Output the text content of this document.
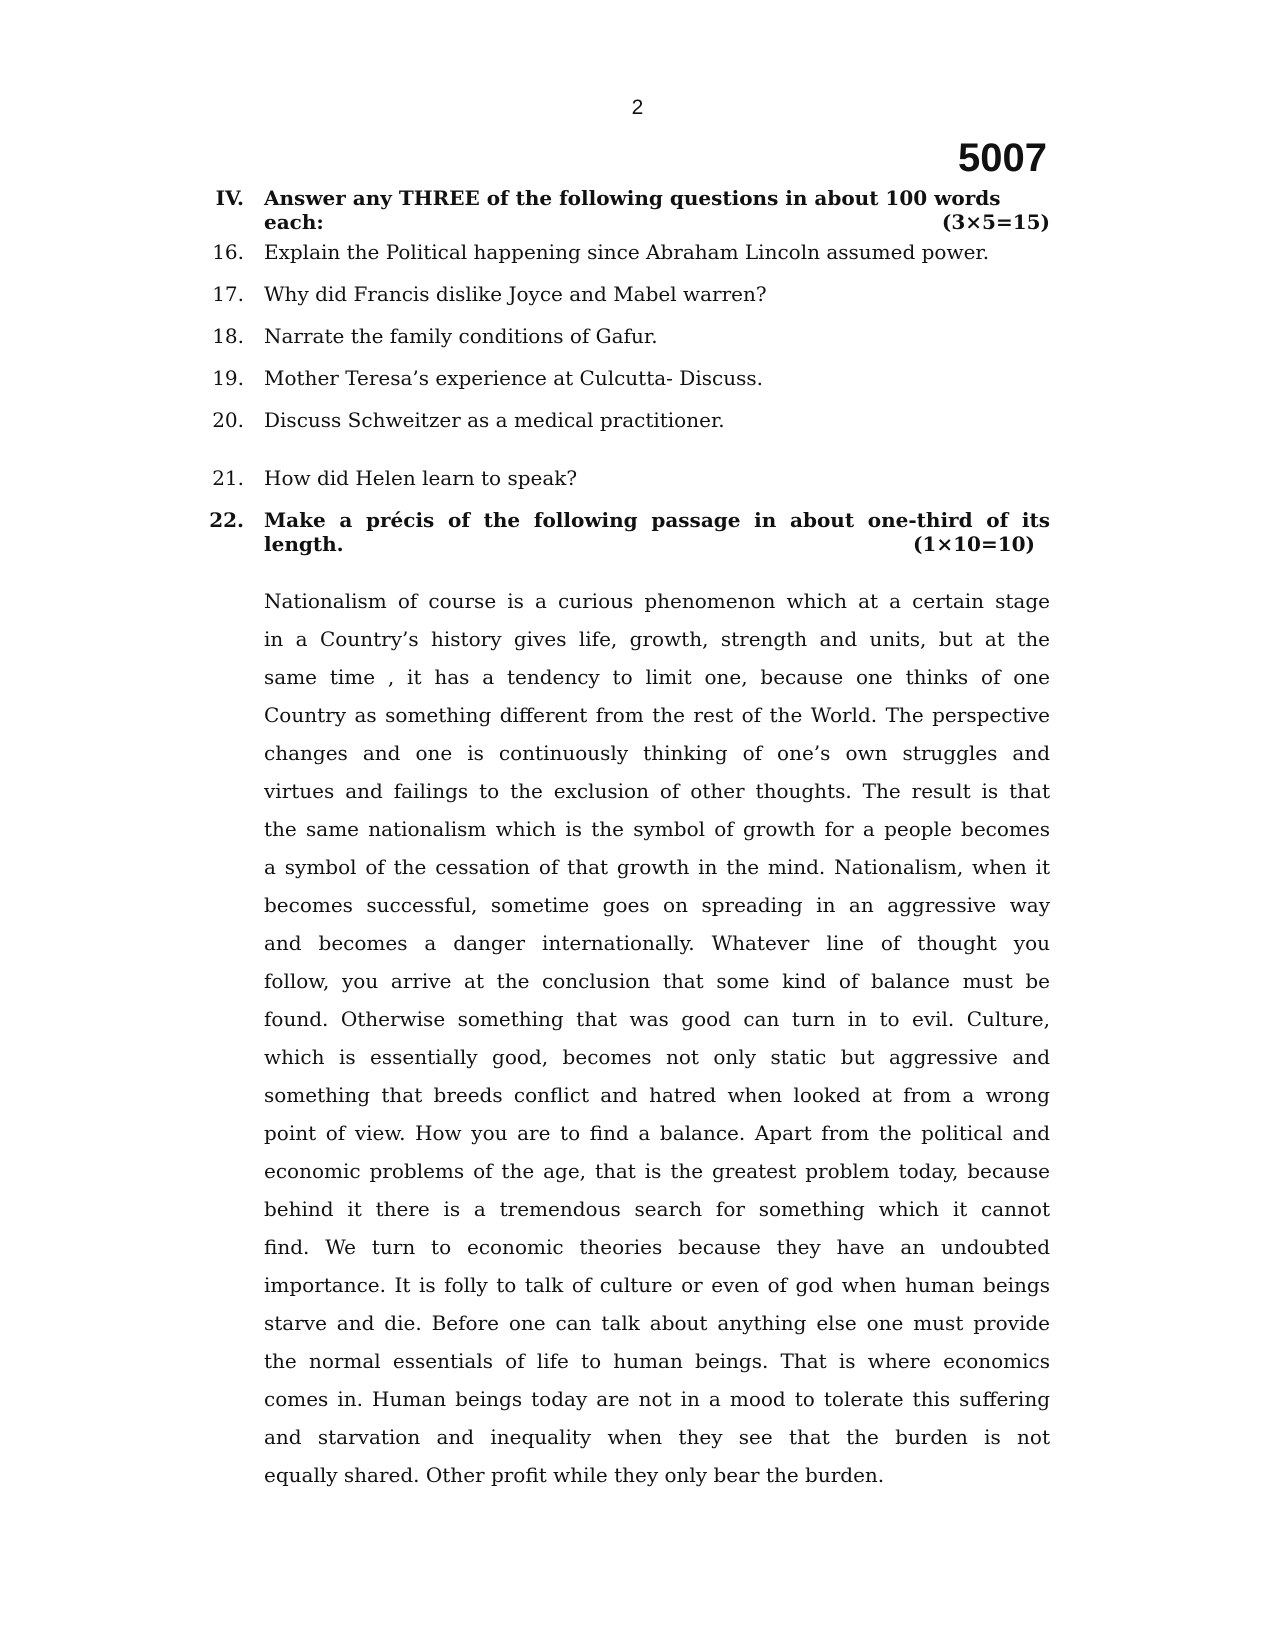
2
5007
IV. Answer any THREE of the following questions in about 100 words
each:	(3×5=15)
16. Explain the Political happening since Abraham Lincoln assumed power.
17. Why did Francis dislike Joyce and Mabel warren?
18. Narrate the family conditions of Gafur.
19. Mother Teresa’s experience at Culcutta- Discuss.
20. Discuss Schweitzer as a medical practitioner.
21. How did Helen learn to speak?
22. Make a précis of the following passage in about one-third of its
length.	(1×10=10)
Nationalism of course is a curious phenomenon which at a certain stage
in a Country’s history gives life, growth, strength and units, but at the
same time , it has a tendency to limit one, because one thinks of one
Country as something different from the rest of the World. The perspective
changes and one is continuously thinking of one’s own struggles and
virtues and failings to the exclusion of other thoughts. The result is that
the same nationalism which is the symbol of growth for a people becomes
a symbol of the cessation of that growth in the mind. Nationalism, when it
becomes successful, sometime goes on spreading in an aggressive way
and becomes a danger internationally. Whatever line of thought you
follow, you arrive at the conclusion that some kind of balance must be
found. Otherwise something that was good can turn in to evil. Culture,
which is essentially good, becomes not only static but aggressive and
something that breeds conflict and hatred when looked at from a wrong
point of view. How you are to find a balance. Apart from the political and
economic problems of the age, that is the greatest problem today, because
behind it there is a tremendous search for something which it cannot
find. We turn to economic theories because they have an undoubted
importance. It is folly to talk of culture or even of god when human beings
starve and die. Before one can talk about anything else one must provide
the normal essentials of life to human beings. That is where economics
comes in. Human beings today are not in a mood to tolerate this suffering
and starvation and inequality when they see that the burden is not
equally shared. Other profit while they only bear the burden.
